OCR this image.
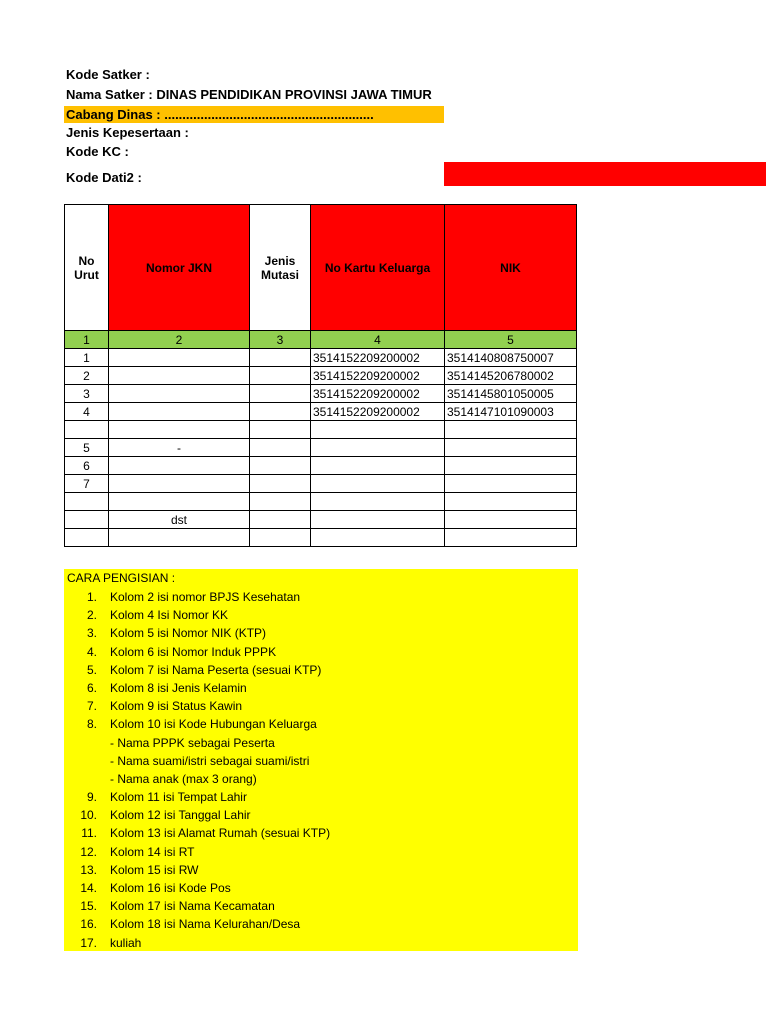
Kode Satker :
Nama Satker : DINAS PENDIDIKAN PROVINSI JAWA TIMUR
Cabang Dinas : ..........................................................
Jenis Kepesertaan :
Kode KC :
Kode Dati2 :
No Urut	Nomor JKN	Jenis Mutasi	No Kartu Keluarga	NIK
1	2	3	4	5
1			3514152209200002	3514140808750007
2			3514152209200002	3514145206780002
3			3514152209200002	3514145801050005
4			3514152209200002	3514147101090003

5	-			
6				
7				

	dst			

CARA PENGISIAN :
1. Kolom 2 isi nomor BPJS Kesehatan
2. Kolom 4 Isi Nomor KK
3. Kolom 5 isi Nomor NIK (KTP)
4. Kolom 6 isi Nomor Induk PPPK
5. Kolom 7 isi Nama Peserta (sesuai KTP)
6. Kolom 8 isi Jenis Kelamin
7. Kolom 9 isi Status Kawin
8. Kolom 10 isi Kode Hubungan Keluarga
- Nama PPPK sebagai Peserta
- Nama suami/istri sebagai suami/istri
- Nama anak (max 3 orang)
9. Kolom 11 isi Tempat Lahir
10. Kolom 12 isi Tanggal Lahir
11. Kolom 13 isi Alamat Rumah (sesuai KTP)
12. Kolom 14 isi RT
13. Kolom 15 isi RW
14. Kolom 16 isi Kode Pos
15. Kolom 17 isi Nama Kecamatan
16. Kolom 18 isi Nama Kelurahan/Desa
17. kuliah
